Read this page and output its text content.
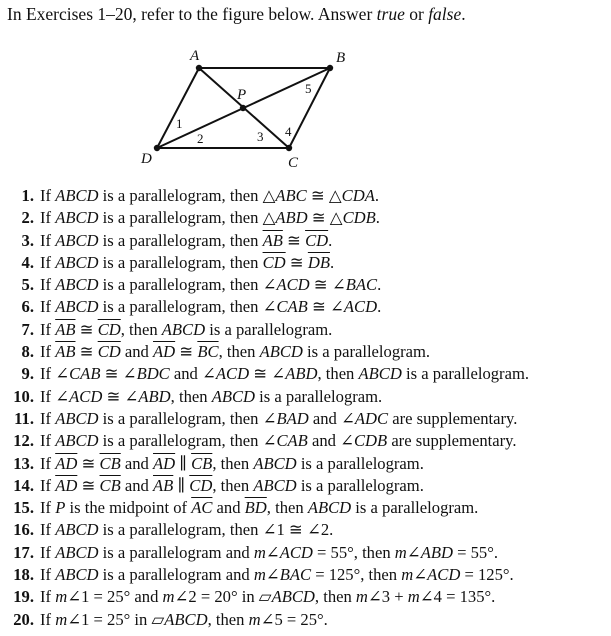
In Exercises 1–20, refer to the figure below. Answer true or false.
A	B
C
D
P
1
2	3 4
5
1. If ABCD is a parallelogram, then △ABC ≅ △CDA.
2. If ABCD is a parallelogram, then △ABD ≅ △CDB.
3. If ABCD is a parallelogram, then $\overline{AB}$ ≅ $\overline{CD}$.
4. If ABCD is a parallelogram, then $\overline{CD}$ ≅ $\overline{DB}$.
5. If ABCD is a parallelogram, then ∠ACD ≅ ∠BAC.
6. If ABCD is a parallelogram, then ∠CAB ≅ ∠ACD.
7. If $\overline{AB}$ ≅ $\overline{CD}$, then ABCD is a parallelogram.
8. If $\overline{AB}$ ≅ $\overline{CD}$ and $\overline{AD}$ ≅ $\overline{BC}$, then ABCD is a parallelogram.
9. If ∠CAB ≅ ∠BDC and ∠ACD ≅ ∠ABD, then ABCD is a parallelogram.
10. If ∠ACD ≅ ∠ABD, then ABCD is a parallelogram.
11. If ABCD is a parallelogram, then ∠BAD and ∠ADC are supplementary.
12. If ABCD is a parallelogram, then ∠CAB and ∠CDB are supplementary.
13. If $\overline{AD}$ ≅ $\overline{CB}$ and $\overline{AD}$ ∥ $\overline{CB}$, then ABCD is a parallelogram.
14. If $\overline{AD}$ ≅ $\overline{CB}$ and $\overline{AB}$ ∥ $\overline{CD}$, then ABCD is a parallelogram.
15. If P is the midpoint of $\overline{AC}$ and $\overline{BD}$, then ABCD is a parallelogram.
16. If ABCD is a parallelogram, then ∠1 ≅ ∠2.
17. If ABCD is a parallelogram and m∠ACD = 55°, then m∠ABD = 55°.
18. If ABCD is a parallelogram and m∠BAC = 125°, then m∠ACD = 125°.
19. If m∠1 = 25° and m∠2 = 20° in ▱ABCD, then m∠3 + m∠4 = 135°.
20. If m∠1 = 25° in ▱ABCD, then m∠5 = 25°.
